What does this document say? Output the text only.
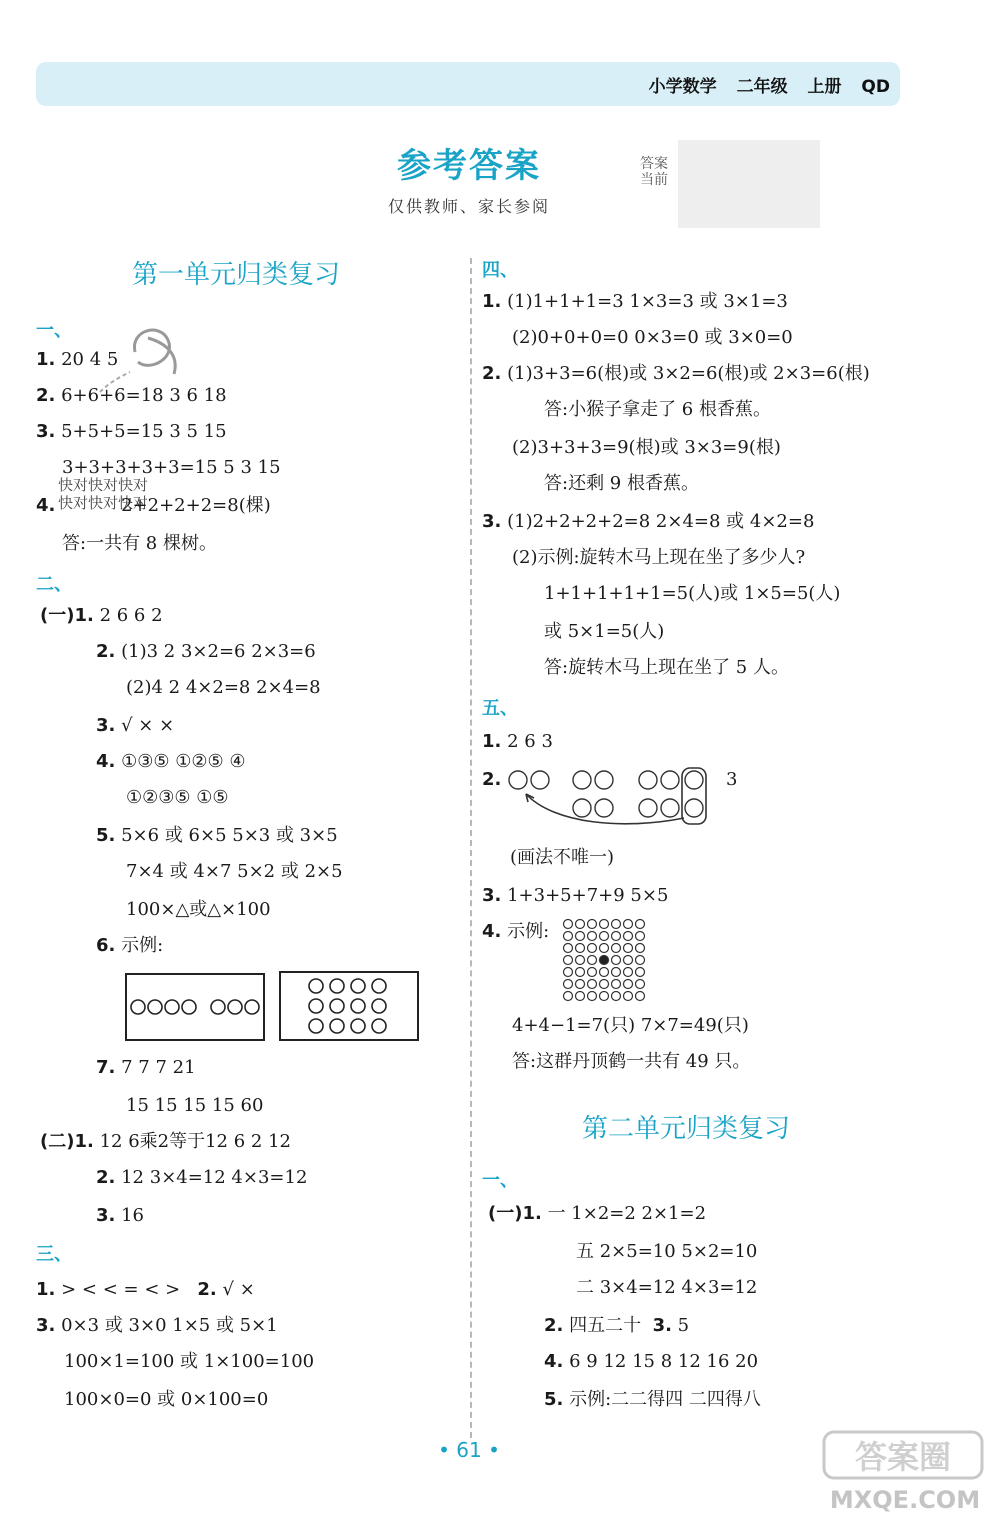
小学数学 二年级 上册 QD
参考答案
仅供教师、家长参阅
答案当前
第一单元归类复习
一、
1. 20 4 5
2. 6+6+6=18 3 6 18
3. 5+5+5=15 3 5 15
3+3+3+3+3=15 5 3 15
快对快对快对
快对快对快对
4.	2+2+2+2=8(棵)
答:一共有 8 棵树。
二、
(一)1. 2 6 6 2
2. (1)3 2 3×2=6 2×3=6
(2)4 2 4×2=8 2×4=8
3. √ × ×
4. ①③⑤ ①②⑤ ④
①②③⑤ ①⑤
5. 5×6 或 6×5 5×3 或 3×5
7×4 或 4×7 5×2 或 2×5
100×△或△×100
6. 示例:
7. 7 7 7 21
15 15 15 15 60
(二)1. 12 6乘2等于12 6 2 12
2. 12 3×4=12 4×3=12
3. 16
三、
1. > < < = < > 2. √ ×
3. 0×3 或 3×0 1×5 或 5×1
100×1=100 或 1×100=100
100×0=0 或 0×100=0
四、
1. (1)1+1+1=3 1×3=3 或 3×1=3
(2)0+0+0=0 0×3=0 或 3×0=0
2. (1)3+3=6(根)或 3×2=6(根)或 2×3=6(根)
答:小猴子拿走了 6 根香蕉。
(2)3+3+3=9(根)或 3×3=9(根)
答:还剩 9 根香蕉。
3. (1)2+2+2+2=8 2×4=8 或 4×2=8
(2)示例:旋转木马上现在坐了多少人?
1+1+1+1+1=5(人)或 1×5=5(人)
或 5×1=5(人)
答:旋转木马上现在坐了 5 人。
五、
1. 2 6 3
2.	3
(画法不唯一)
3. 1+3+5+7+9 5×5
4. 示例:
4+4−1=7(只) 7×7=49(只)
答:这群丹顶鹤一共有 49 只。
第二单元归类复习
一、
(一)1. 一 1×2=2 2×1=2
五 2×5=10 5×2=10
二 3×4=12 4×3=12
2. 四五二十 3. 5
4. 6 9 12 15 8 12 16 20
5. 示例:二二得四 二四得八
• 61 •	答案圈
MXQE.COM
